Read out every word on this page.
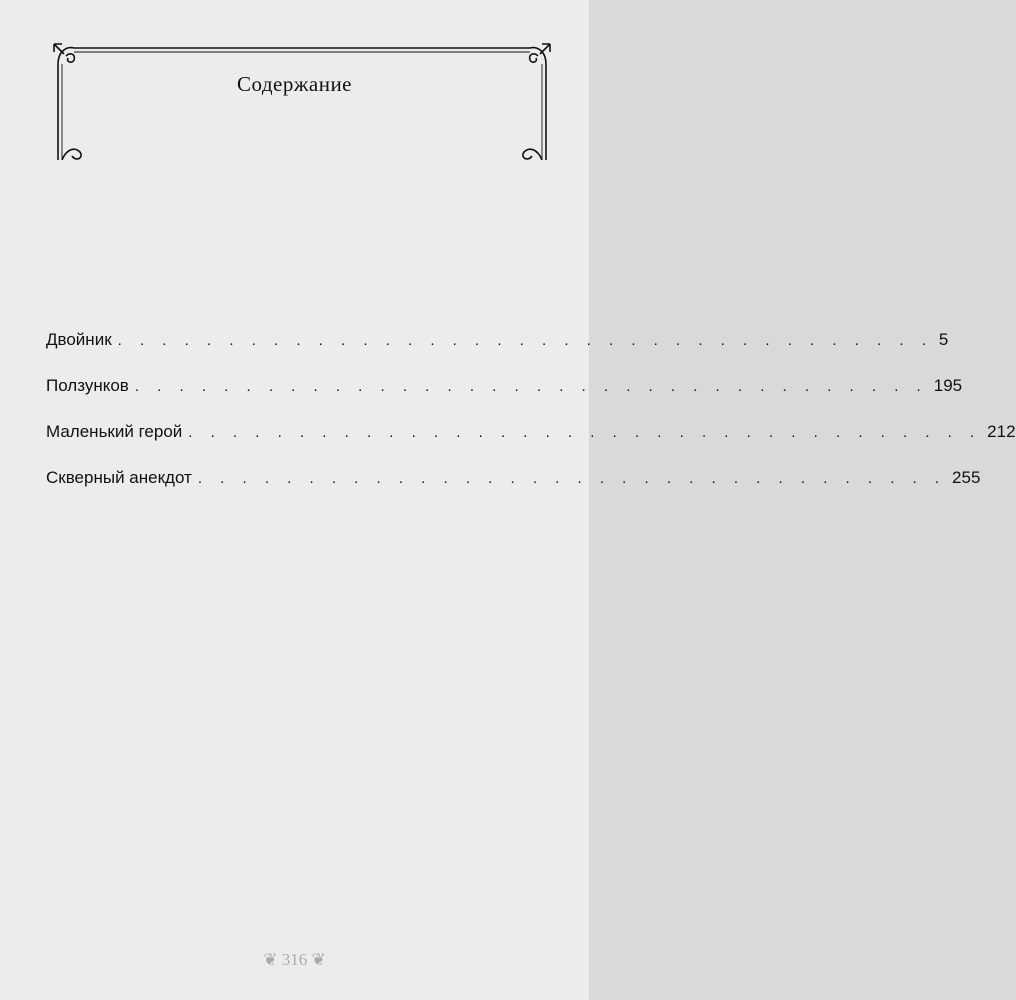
Содержание
Двойник . . . . . . . . . . . . . . . . . . . . . . . . . . . . . . . . . . . . . 5
Ползунков . . . . . . . . . . . . . . . . . . . . . . . . . . . . . . . . . . . . 195
Маленький герой . . . . . . . . . . . . . . . . . . . . . . . . . . . . . . . . . . . . 212
Скверный анекдот . . . . . . . . . . . . . . . . . . . . . . . . . . . . . . . . . . 255
❦ 316 ❦
